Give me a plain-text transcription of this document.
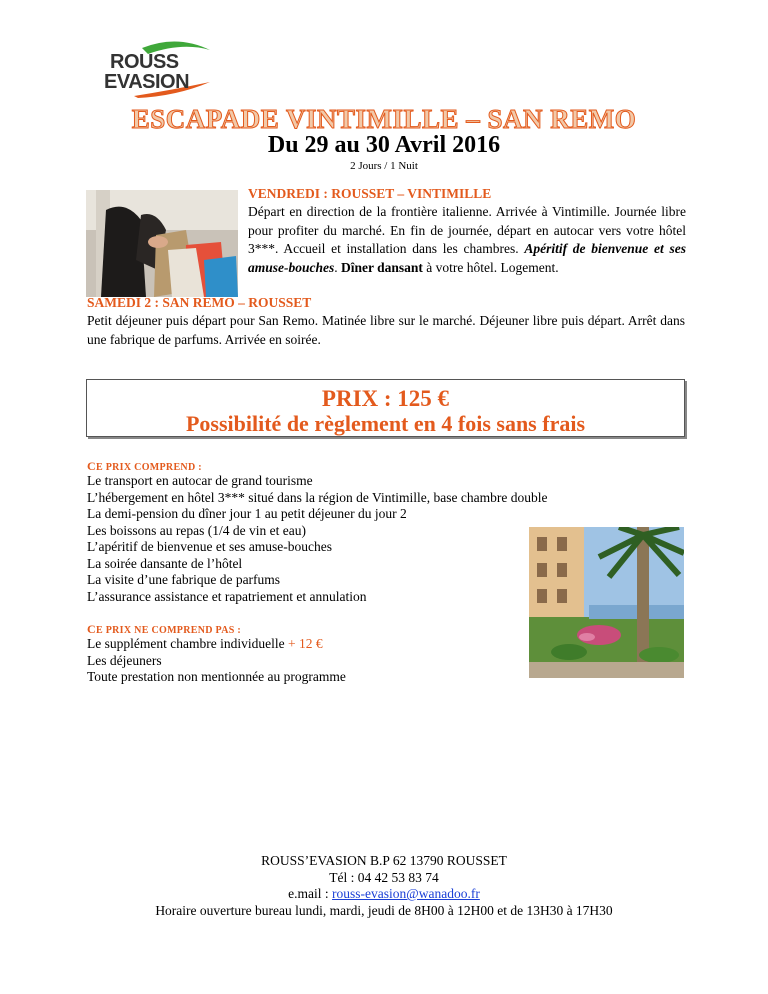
ROUSS
EVASION
ESCAPADE VINTIMILLE – SAN REMO
Du 29 au 30 Avril 2016
2 Jours / 1 Nuit
VENDREDI : ROUSSET – VINTIMILLE
Départ en direction de la frontière italienne. Arrivée à Vintimille. Journée libre pour profiter du marché. En fin de journée, départ en autocar vers votre hôtel 3***. Accueil et installation dans les chambres. Apéritif de bienvenue et ses amuse-bouches. Dîner dansant à votre hôtel. Logement.
SAMEDI 2 : SAN REMO – ROUSSET
Petit déjeuner puis départ pour San Remo. Matinée libre sur le marché. Déjeuner libre puis départ. Arrêt dans une fabrique de parfums. Arrivée en soirée.
PRIX : 125 €
Possibilité de règlement en 4 fois sans frais
CE PRIX COMPREND :
Le transport en autocar de grand tourisme
L’hébergement en hôtel 3*** situé dans la région de Vintimille, base chambre double
La demi-pension du dîner jour 1 au petit déjeuner du jour 2
Les boissons au repas (1/4 de vin et eau)
L’apéritif de bienvenue et ses amuse-bouches
La soirée dansante de l’hôtel
La visite d’une fabrique de parfums
L’assurance assistance et rapatriement et annulation
CE PRIX NE COMPREND PAS :
Le supplément chambre individuelle + 12 €
Les déjeuners
Toute prestation non mentionnée au programme
ROUSS’EVASION B.P 62 13790 ROUSSET
Tél : 04 42 53 83 74
e.mail : rouss-evasion@wanadoo.fr
Horaire ouverture bureau lundi, mardi, jeudi de 8H00 à 12H00 et de 13H30 à 17H30
